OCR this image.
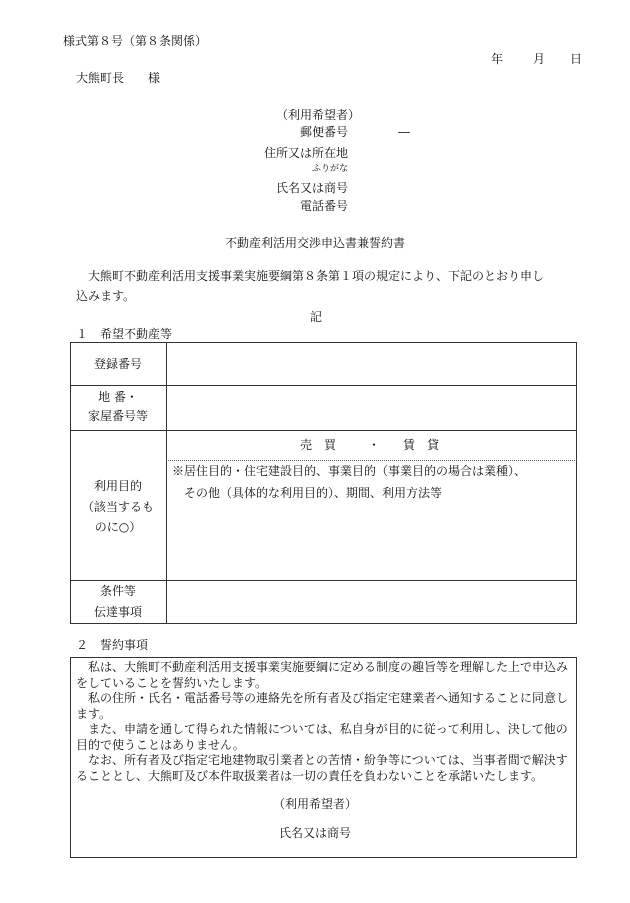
様式第８号（第８条関係）
年 月 日
大熊町長　　様
（利用希望者）
郵便番号	―
住所又は所在地
ふりがな
氏名又は商号
電話番号
不動産利活用交渉申込書兼誓約書
大熊町不動産利活用支援事業実施要綱第８条第１項の規定により、下記のとおり申し
込みます。
記
１　希望不動産等
登録番号
地 番・
家屋番号等
利用目的
（該当するも
のに○）
条件等
伝達事項
売　買	・ 賃　貸
※居住目的・住宅建設目的、事業目的（事業目的の場合は業種）、
その他（具体的な利用目的）、期間、利用方法等
２　誓約事項

私は、大熊町不動産利活用支援事業実施要綱に定める制度の趣旨等を理解した上で申込みをしていることを誓約いたします。

私の住所・氏名・電話番号等の連絡先を所有者及び指定宅建業者へ通知することに同意します。

また、申請を通して得られた情報については、私自身が目的に従って利用し、決して他の目的で使うことはありません。

なお、所有者及び指定宅地建物取引業者との苦情・紛争等については、当事者間で解決することとし、大熊町及び本件取扱業者は一切の責任を負わないことを承諾いたします。

（利用希望者）
氏名又は商号
